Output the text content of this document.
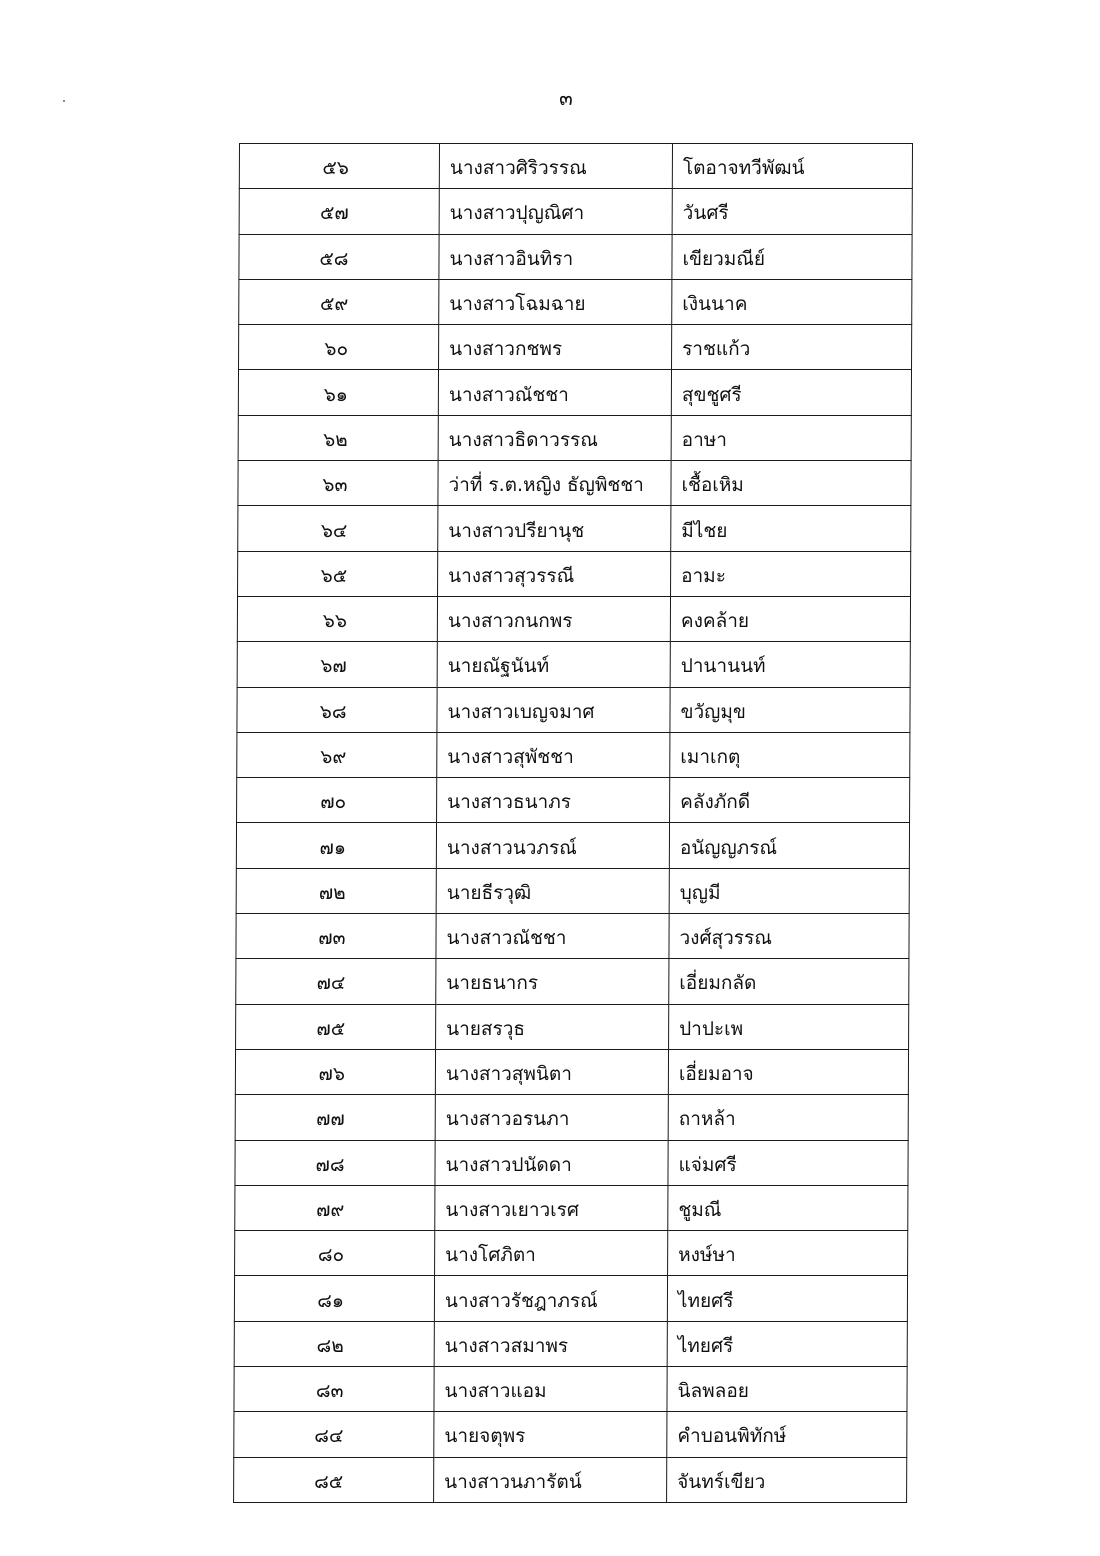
๓
๕๖	นางสาวศิริวรรณ	โตอาจทวีพัฒน์
๕๗	นางสาวปุญณิศา	วันศรี
๕๘	นางสาวอินทิรา	เขียวมณีย์
๕๙	นางสาวโฉมฉาย	เงินนาค
๖๐	นางสาวกชพร	ราชแก้ว
๖๑	นางสาวณัชชา	สุขชูศรี
๖๒	นางสาวธิดาวรรณ	อาษา
๖๓	ว่าที่ ร.ต.หญิง ธัญพิชชา	เชื้อเหิม
๖๔	นางสาวปรียานุช	มีไชย
๖๕	นางสาวสุวรรณี	อามะ
๖๖	นางสาวกนกพร	คงคล้าย
๖๗	นายณัฐนันท์	ปานานนท์
๖๘	นางสาวเบญจมาศ	ขวัญมุข
๖๙	นางสาวสุพัชชา	เมาเกตุ
๗๐	นางสาวธนาภร	คลังภักดี
๗๑	นางสาวนวภรณ์	อนัญญภรณ์
๗๒	นายธีรวุฒิ	บุญมี
๗๓	นางสาวณัชชา	วงศ์สุวรรณ
๗๔	นายธนากร	เอี่ยมกลัด
๗๕	นายสรวุธ	ปาปะเพ
๗๖	นางสาวสุพนิตา	เอี่ยมอาจ
๗๗	นางสาวอรนภา	ถาหล้า
๗๘	นางสาวปนัดดา	แจ่มศรี
๗๙	นางสาวเยาวเรศ	ชูมณี
๘๐	นางโศภิตา	หงษ์ษา
๘๑	นางสาวรัชฎาภรณ์	ไทยศรี
๘๒	นางสาวสมาพร	ไทยศรี
๘๓	นางสาวแอม	นิลพลอย
๘๔	นายจตุพร	คำบอนพิทักษ์
๘๕	นางสาวนภารัตน์	จันทร์เขียว
